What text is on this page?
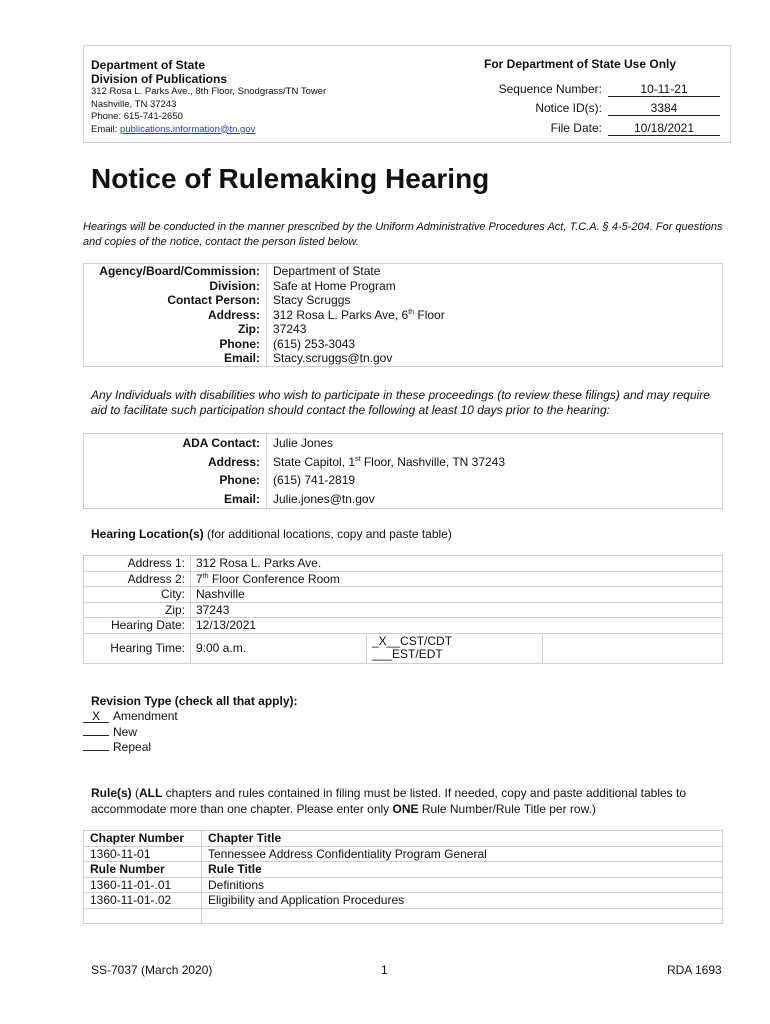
Department of State
Division of Publications
312 Rosa L. Parks Ave., 8th Floor, Snodgrass/TN Tower
Nashville, TN 37243
Phone: 615-741-2650
Email: publications.information@tn.gov
For Department of State Use Only
Sequence Number:	10-11-21
Notice ID(s):	3384
File Date:	10/18/2021
Notice of Rulemaking Hearing
Hearings will be conducted in the manner prescribed by the Uniform Administrative Procedures Act, T.C.A. § 4-5-204. For questions and copies of the notice, contact the person listed below.
Agency/Board/Commission:	Department of State
Division:	Safe at Home Program
Contact Person:	Stacy Scruggs
Address:	312 Rosa L. Parks Ave, 6th Floor
Zip:	37243
Phone:	(615) 253-3043
Email:	Stacy.scruggs@tn.gov
Any Individuals with disabilities who wish to participate in these proceedings (to review these filings) and may require aid to facilitate such participation should contact the following at least 10 days prior to the hearing:
ADA Contact:	Julie Jones
Address:	State Capitol, 1st Floor, Nashville, TN 37243
Phone:	(615) 741-2819
Email:	Julie.jones@tn.gov
Hearing Location(s) (for additional locations, copy and paste table)
Address 1:	312 Rosa L. Parks Ave.		
Address 2:	7th Floor Conference Room		
City:	Nashville		
Zip:	37243		
Hearing Date:	12/13/2021		
Hearing Time:	9:00 a.m.	_X__CST/CDT
___EST/EDT	

Revision Type (check all that apply):
X Amendment
New
Repeal
Rule(s) (ALL chapters and rules contained in filing must be listed. If needed, copy and paste additional tables to accommodate more than one chapter. Please enter only ONE Rule Number/Rule Title per row.)
Chapter Number	Chapter Title
1360-11-01	Tennessee Address Confidentiality Program General
Rule Number	Rule Title
1360-11-01-.01	Definitions
1360-11-01-.02	Eligibility and Application Procedures

SS-7037 (March 2020)	1	RDA 1693
